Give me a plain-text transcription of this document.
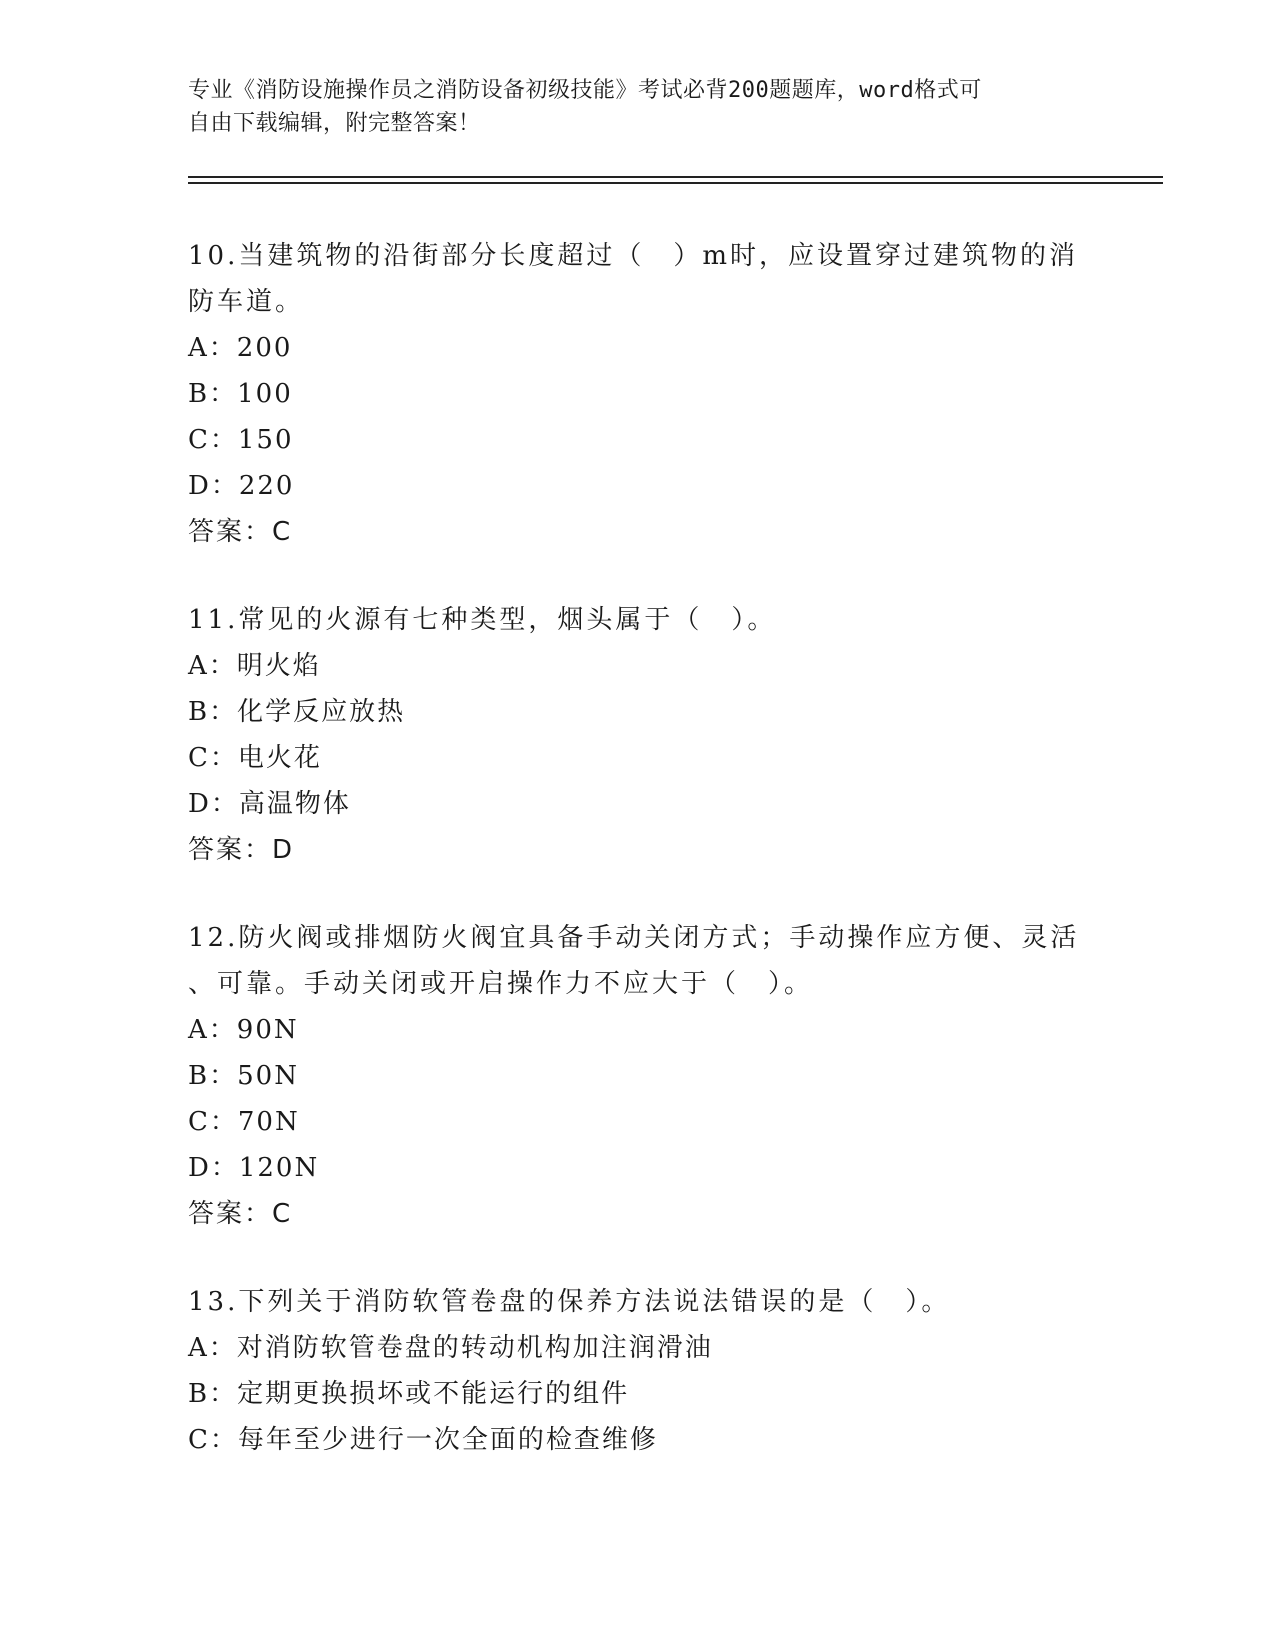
专业《消防设施操作员之消防设备初级技能》考试必背200题题库，word格式可
自由下载编辑，附完整答案！

10.当建筑物的沿街部分长度超过（　）m时，应设置穿过建筑物的消
防车道。

A：200

B：100

C：150

D：220

答案：C

11.常见的火源有七种类型，烟头属于（　）。

A：明火焰

B：化学反应放热

C：电火花

D：高温物体

答案：D

12.防火阀或排烟防火阀宜具备手动关闭方式；手动操作应方便、灵活
、可靠。手动关闭或开启操作力不应大于（　）。

A：90N

B：50N

C：70N

D：120N

答案：C

13.下列关于消防软管卷盘的保养方法说法错误的是（　）。

A：对消防软管卷盘的转动机构加注润滑油

B：定期更换损坏或不能运行的组件

C：每年至少进行一次全面的检查维修
